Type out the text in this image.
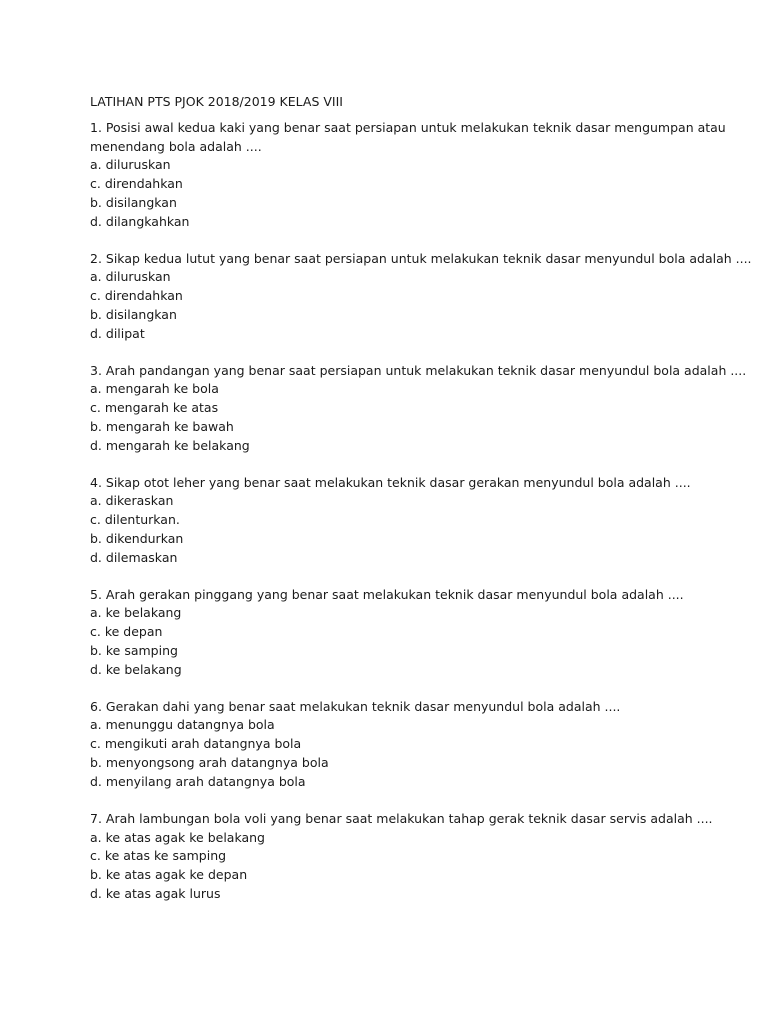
LATIHAN PTS PJOK 2018/2019 KELAS VIII

1. Posisi awal kedua kaki yang benar saat persiapan untuk melakukan teknik dasar mengumpan atau menendang bola adalah ....

a. diluruskan
c. direndahkan
b. disilangkan
d. dilangkahkan

2. Sikap kedua lutut yang benar saat persiapan untuk melakukan teknik dasar menyundul bola adalah ....

a. diluruskan
c. direndahkan
b. disilangkan
d. dilipat

3. Arah pandangan yang benar saat persiapan untuk melakukan teknik dasar menyundul bola adalah ....

a. mengarah ke bola
c. mengarah ke atas
b. mengarah ke bawah
d. mengarah ke belakang

4. Sikap otot leher yang benar saat melakukan teknik dasar gerakan menyundul bola adalah ....

a. dikeraskan
c. dilenturkan.
b. dikendurkan
d. dilemaskan

5. Arah gerakan pinggang yang benar saat melakukan teknik dasar menyundul bola adalah ....

a. ke belakang
c. ke depan
b. ke samping
d. ke belakang

6. Gerakan dahi yang benar saat melakukan teknik dasar menyundul bola adalah ....

a. menunggu datangnya bola
c. mengikuti arah datangnya bola
b. menyongsong arah datangnya bola
d. menyilang arah datangnya bola

7. Arah lambungan bola voli yang benar saat melakukan tahap gerak teknik dasar servis adalah ....

a. ke atas agak ke belakang
c. ke atas ke samping
b. ke atas agak ke depan
d. ke atas agak lurus
